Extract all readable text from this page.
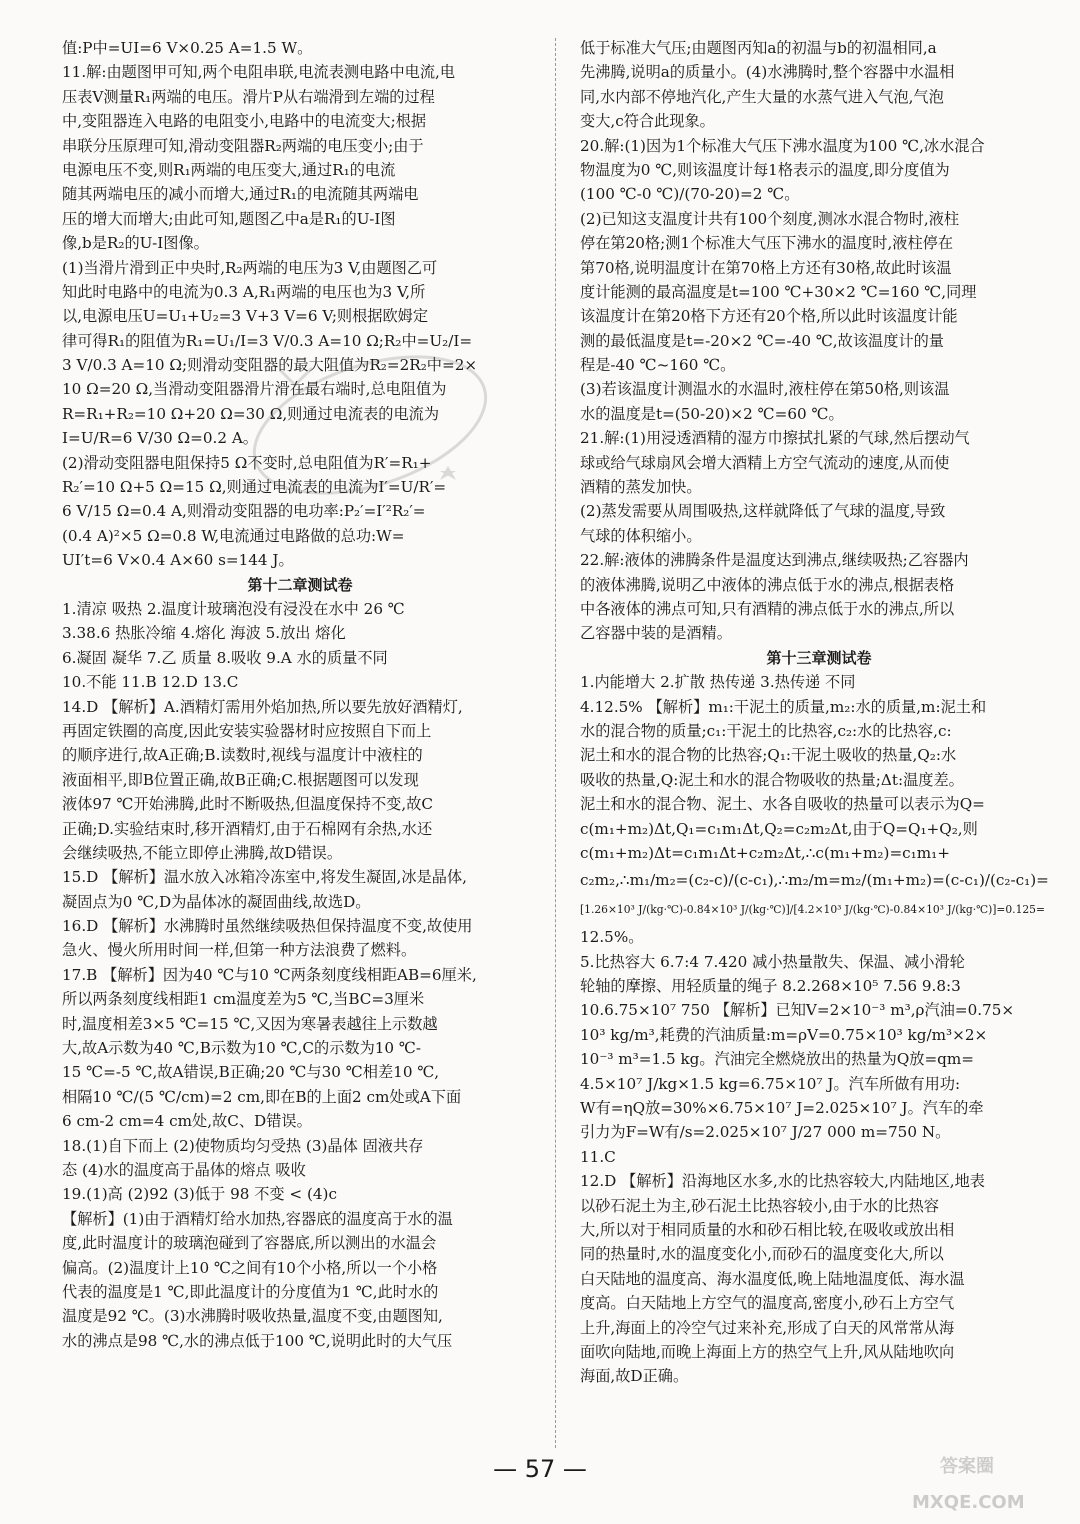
值:P中=UI=6 V×0.25 A=1.5 W。
11.解:由题图甲可知,两个电阻串联,电流表测电路中电流,电
压表V测量R₁两端的电压。滑片P从右端滑到左端的过程
中,变阻器连入电路的电阻变小,电路中的电流变大;根据
串联分压原理可知,滑动变阻器R₂两端的电压变小;由于
电源电压不变,则R₁两端的电压变大,通过R₁的电流
随其两端电压的减小而增大,通过R₁的电流随其两端电
压的增大而增大;由此可知,题图乙中a是R₁的U-I图
像,b是R₂的U-I图像。
(1)当滑片滑到正中央时,R₂两端的电压为3 V,由题图乙可
知此时电路中的电流为0.3 A,R₁两端的电压也为3 V,所
以,电源电压U=U₁+U₂=3 V+3 V=6 V;则根据欧姆定
律可得R₁的阻值为R₁=U₁/I=3 V/0.3 A=10 Ω;R₂中=U₂/I=
3 V/0.3 A=10 Ω;则滑动变阻器的最大阻值为R₂=2R₂中=2×
10 Ω=20 Ω,当滑动变阻器滑片滑在最右端时,总电阻值为
R=R₁+R₂=10 Ω+20 Ω=30 Ω,则通过电流表的电流为
I=U/R=6 V/30 Ω=0.2 A。
(2)滑动变阻器电阻保持5 Ω不变时,总电阻值为R′=R₁+
R₂′=10 Ω+5 Ω=15 Ω,则通过电流表的电流为I′=U/R′=
6 V/15 Ω=0.4 A,则滑动变阻器的电功率:P₂′=I′²R₂′=
(0.4 A)²×5 Ω=0.8 W,电流通过电路做的总功:W=
UI′t=6 V×0.4 A×60 s=144 J。
第十二章测试卷
1.清凉 吸热 2.温度计玻璃泡没有浸没在水中 26 ℃
3.38.6 热胀冷缩 4.熔化 海波 5.放出 熔化
6.凝固 凝华 7.乙 质量 8.吸收 9.A 水的质量不同
10.不能 11.B 12.D 13.C
14.D 【解析】A.酒精灯需用外焰加热,所以要先放好酒精灯,
再固定铁圈的高度,因此安装实验器材时应按照自下而上
的顺序进行,故A正确;B.读数时,视线与温度计中液柱的
液面相平,即B位置正确,故B正确;C.根据题图可以发现
液体97 ℃开始沸腾,此时不断吸热,但温度保持不变,故C
正确;D.实验结束时,移开酒精灯,由于石棉网有余热,水还
会继续吸热,不能立即停止沸腾,故D错误。
15.D 【解析】温水放入冰箱冷冻室中,将发生凝固,冰是晶体,
凝固点为0 ℃,D为晶体冰的凝固曲线,故选D。
16.D 【解析】水沸腾时虽然继续吸热但保持温度不变,故使用
急火、慢火所用时间一样,但第一种方法浪费了燃料。
17.B 【解析】因为40 ℃与10 ℃两条刻度线相距AB=6厘米,
所以两条刻度线相距1 cm温度差为5 ℃,当BC=3厘米
时,温度相差3×5 ℃=15 ℃,又因为寒暑表越往上示数越
大,故A示数为40 ℃,B示数为10 ℃,C的示数为10 ℃-
15 ℃=-5 ℃,故A错误,B正确;20 ℃与30 ℃相差10 ℃,
相隔10 ℃/(5 ℃/cm)=2 cm,即在B的上面2 cm处或A下面
6 cm-2 cm=4 cm处,故C、D错误。
18.(1)自下而上 (2)使物质均匀受热 (3)晶体 固液共存
态 (4)水的温度高于晶体的熔点 吸收
19.(1)高 (2)92 (3)低于 98 不变 < (4)c
【解析】(1)由于酒精灯给水加热,容器底的温度高于水的温
度,此时温度计的玻璃泡碰到了容器底,所以测出的水温会
偏高。(2)温度计上10 ℃之间有10个小格,所以一个小格
代表的温度是1 ℃,即此温度计的分度值为1 ℃,此时水的
温度是92 ℃。(3)水沸腾时吸收热量,温度不变,由题图知,
水的沸点是98 ℃,水的沸点低于100 ℃,说明此时的大气压
低于标准大气压;由题图丙知a的初温与b的初温相同,a
先沸腾,说明a的质量小。(4)水沸腾时,整个容器中水温相
同,水内部不停地汽化,产生大量的水蒸气进入气泡,气泡
变大,c符合此现象。
20.解:(1)因为1个标准大气压下沸水温度为100 ℃,冰水混合
物温度为0 ℃,则该温度计每1格表示的温度,即分度值为
(100 ℃-0 ℃)/(70-20)=2 ℃。
(2)已知这支温度计共有100个刻度,测冰水混合物时,液柱
停在第20格;测1个标准大气压下沸水的温度时,液柱停在
第70格,说明温度计在第70格上方还有30格,故此时该温
度计能测的最高温度是t=100 ℃+30×2 ℃=160 ℃,同理
该温度计在第20格下方还有20个格,所以此时该温度计能
测的最低温度是t=-20×2 ℃=-40 ℃,故该温度计的量
程是-40 ℃~160 ℃。
(3)若该温度计测温水的水温时,液柱停在第50格,则该温
水的温度是t=(50-20)×2 ℃=60 ℃。
21.解:(1)用浸透酒精的湿方巾擦拭扎紧的气球,然后摆动气
球或给气球扇风会增大酒精上方空气流动的速度,从而使
酒精的蒸发加快。
(2)蒸发需要从周围吸热,这样就降低了气球的温度,导致
气球的体积缩小。
22.解:液体的沸腾条件是温度达到沸点,继续吸热;乙容器内
的液体沸腾,说明乙中液体的沸点低于水的沸点,根据表格
中各液体的沸点可知,只有酒精的沸点低于水的沸点,所以
乙容器中装的是酒精。
第十三章测试卷
1.内能增大 2.扩散 热传递 3.热传递 不同
4.12.5% 【解析】m₁:干泥土的质量,m₂:水的质量,m:泥土和
水的混合物的质量;c₁:干泥土的比热容,c₂:水的比热容,c:
泥土和水的混合物的比热容;Q₁:干泥土吸收的热量,Q₂:水
吸收的热量,Q:泥土和水的混合物吸收的热量;Δt:温度差。
泥土和水的混合物、泥土、水各自吸收的热量可以表示为Q=
c(m₁+m₂)Δt,Q₁=c₁m₁Δt,Q₂=c₂m₂Δt,由于Q=Q₁+Q₂,则
c(m₁+m₂)Δt=c₁m₁Δt+c₂m₂Δt,∴c(m₁+m₂)=c₁m₁+
c₂m₂,∴m₁/m₂=(c₂-c)/(c-c₁),∴m₂/m=m₂/(m₁+m₂)=(c-c₁)/(c₂-c₁)=
[1.26×10³ J/(kg·℃)-0.84×10³ J/(kg·℃)]/[4.2×10³ J/(kg·℃)-0.84×10³ J/(kg·℃)]=0.125=
12.5%。
5.比热容大 6.7:4 7.420 减小热量散失、保温、减小滑轮
轮轴的摩擦、用轻质量的绳子 8.2.268×10⁵ 7.56 9.8:3
10.6.75×10⁷ 750 【解析】已知V=2×10⁻³ m³,ρ汽油=0.75×
10³ kg/m³,耗费的汽油质量:m=ρV=0.75×10³ kg/m³×2×
10⁻³ m³=1.5 kg。汽油完全燃烧放出的热量为Q放=qm=
4.5×10⁷ J/kg×1.5 kg=6.75×10⁷ J。汽车所做有用功:
W有=ηQ放=30%×6.75×10⁷ J=2.025×10⁷ J。汽车的牵
引力为F=W有/s=2.025×10⁷ J/27 000 m=750 N。
11.C
12.D 【解析】沿海地区水多,水的比热容较大,内陆地区,地表
以砂石泥土为主,砂石泥土比热容较小,由于水的比热容
大,所以对于相同质量的水和砂石相比较,在吸收或放出相
同的热量时,水的温度变化小,而砂石的温度变化大,所以
白天陆地的温度高、海水温度低,晚上陆地温度低、海水温
度高。白天陆地上方空气的温度高,密度小,砂石上方空气
上升,海面上的冷空气过来补充,形成了白天的风常常从海
面吹向陆地,而晚上海面上方的热空气上升,风从陆地吹向
海面,故D正确。
— 57 —	答案圈
MXQE.COM
